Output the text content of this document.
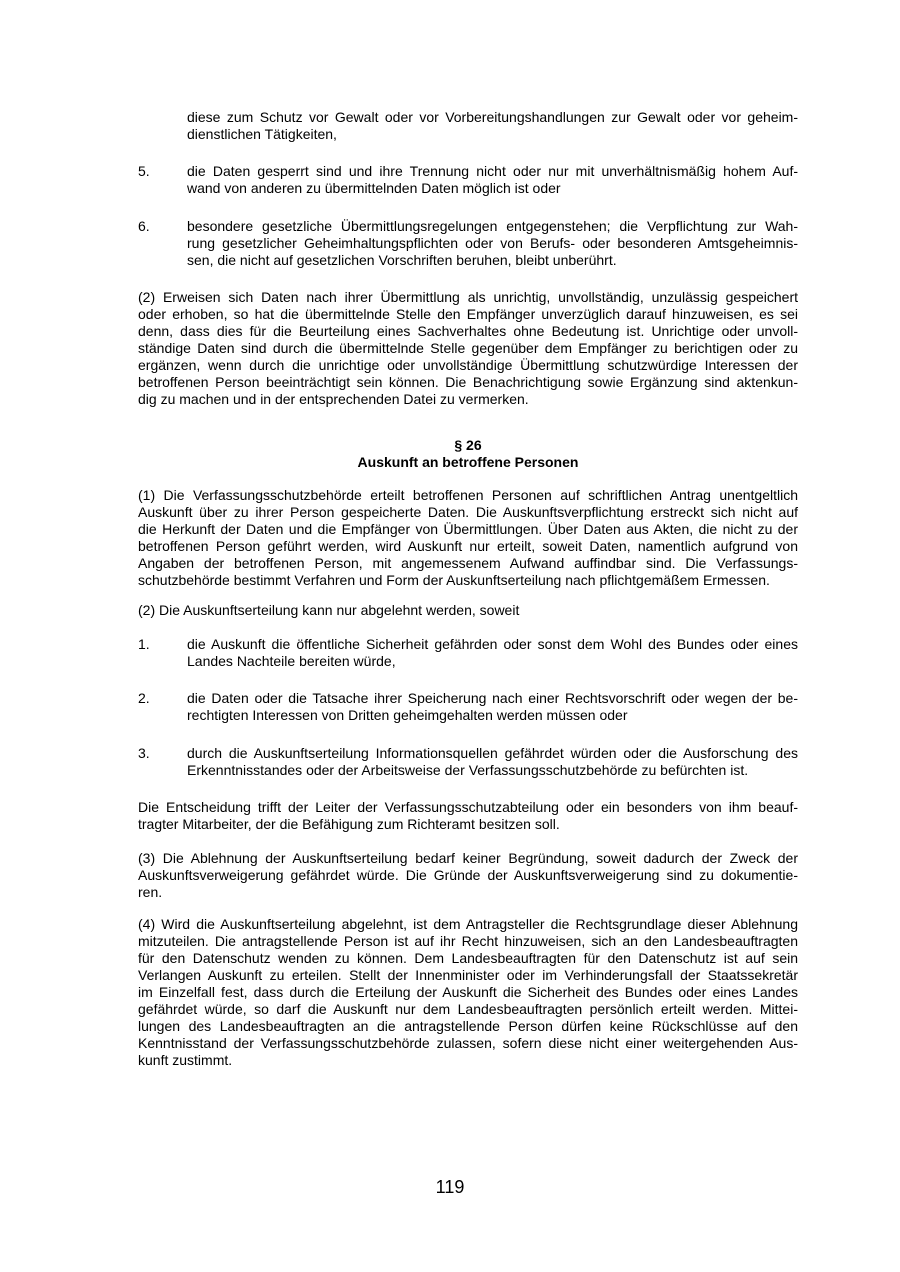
diese zum Schutz vor Gewalt oder vor Vorbereitungshandlungen zur Gewalt oder vor geheim-
dienstlichen Tätigkeiten,
5.	die Daten gesperrt sind und ihre Trennung nicht oder nur mit unverhältnismäßig hohem Auf-
wand von anderen zu übermittelnden Daten möglich ist oder
6.	besondere gesetzliche Übermittlungsregelungen entgegenstehen; die Verpflichtung zur Wah-
rung gesetzlicher Geheimhaltungspflichten oder von Berufs- oder besonderen Amtsgeheimnis-
sen, die nicht auf gesetzlichen Vorschriften beruhen, bleibt unberührt.
(2) Erweisen sich Daten nach ihrer Übermittlung als unrichtig, unvollständig, unzulässig gespeichert
oder erhoben, so hat die übermittelnde Stelle den Empfänger unverzüglich darauf hinzuweisen, es sei
denn, dass dies für die Beurteilung eines Sachverhaltes ohne Bedeutung ist. Unrichtige oder unvoll-
ständige Daten sind durch die übermittelnde Stelle gegenüber dem Empfänger zu berichtigen oder zu
ergänzen, wenn durch die unrichtige oder unvollständige Übermittlung schutzwürdige Interessen der
betroffenen Person beeinträchtigt sein können. Die Benachrichtigung sowie Ergänzung sind aktenkun-
dig zu machen und in der entsprechenden Datei zu vermerken.
§ 26
Auskunft an betroffene Personen
(1) Die Verfassungsschutzbehörde erteilt betroffenen Personen auf schriftlichen Antrag unentgeltlich
Auskunft über zu ihrer Person gespeicherte Daten. Die Auskunftsverpflichtung erstreckt sich nicht auf
die Herkunft der Daten und die Empfänger von Übermittlungen. Über Daten aus Akten, die nicht zu der
betroffenen Person geführt werden, wird Auskunft nur erteilt, soweit Daten, namentlich aufgrund von
Angaben der betroffenen Person, mit angemessenem Aufwand auffindbar sind. Die Verfassungs-
schutzbehörde bestimmt Verfahren und Form der Auskunftserteilung nach pflichtgemäßem Ermessen.
(2) Die Auskunftserteilung kann nur abgelehnt werden, soweit
1.	die Auskunft die öffentliche Sicherheit gefährden oder sonst dem Wohl des Bundes oder eines
Landes Nachteile bereiten würde,
2.	die Daten oder die Tatsache ihrer Speicherung nach einer Rechtsvorschrift oder wegen der be-
rechtigten Interessen von Dritten geheimgehalten werden müssen oder
3.	durch die Auskunftserteilung Informationsquellen gefährdet würden oder die Ausforschung des
Erkenntnisstandes oder der Arbeitsweise der Verfassungsschutzbehörde zu befürchten ist.
Die Entscheidung trifft der Leiter der Verfassungsschutzabteilung oder ein besonders von ihm beauf-
tragter Mitarbeiter, der die Befähigung zum Richteramt besitzen soll.
(3) Die Ablehnung der Auskunftserteilung bedarf keiner Begründung, soweit dadurch der Zweck der
Auskunftsverweigerung gefährdet würde. Die Gründe der Auskunftsverweigerung sind zu dokumentie-
ren.
(4) Wird die Auskunftserteilung abgelehnt, ist dem Antragsteller die Rechtsgrundlage dieser Ablehnung
mitzuteilen. Die antragstellende Person ist auf ihr Recht hinzuweisen, sich an den Landesbeauftragten
für den Datenschutz wenden zu können. Dem Landesbeauftragten für den Datenschutz ist auf sein
Verlangen Auskunft zu erteilen. Stellt der Innenminister oder im Verhinderungsfall der Staatssekretär
im Einzelfall fest, dass durch die Erteilung der Auskunft die Sicherheit des Bundes oder eines Landes
gefährdet würde, so darf die Auskunft nur dem Landesbeauftragten persönlich erteilt werden. Mittei-
lungen des Landesbeauftragten an die antragstellende Person dürfen keine Rückschlüsse auf den
Kenntnisstand der Verfassungsschutzbehörde zulassen, sofern diese nicht einer weitergehenden Aus-
kunft zustimmt.
119
